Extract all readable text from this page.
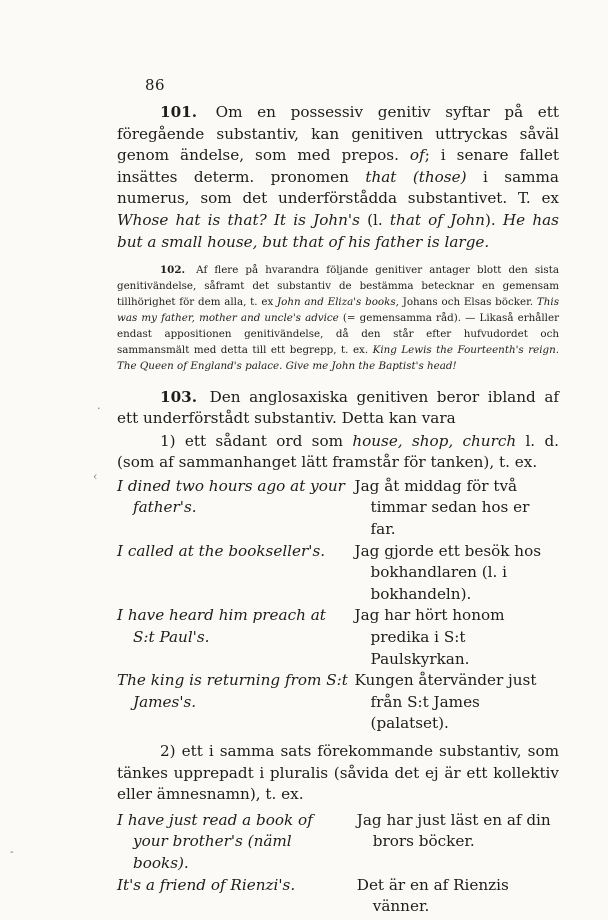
86
·
‹
-

101. Om en possessiv genitiv syftar på ett föregående substantiv, kan genitiven uttryckas såväl genom ändelse, som med prepos. of; i senare fallet insättes determ. pronomen that (those) i samma numerus, som det underförstådda substantivet. T. ex Whose hat is that? It is John's (l. that of John). He has but a small house, but that of his father is large.

102. Af flere på hvarandra följande genitiver antager blott den sista genitivändelse, såframt det substantiv de bestämma betecknar en gemensam tillhörighet för dem alla, t. ex John and Eliza's books, Johans och Elsas böcker. This was my father, mother and uncle's advice (= gemensamma råd). — Likaså erhåller endast appositionen genitivändelse, då den står efter hufvudordet och sammansmält med detta till ett begrepp, t. ex. King Lewis the Fourteenth's reign. The Queen of England's palace. Give me John the Baptist's head!

103. Den anglosaxiska genitiven beror ibland af ett underförstådt substantiv. Detta kan vara

1) ett sådant ord som house, shop, church l. d. (som af sammanhanget lätt framstår för tanken), t. ex.

I dined two hours ago at your father's.	Jag åt middag för två timmar sedan hos er far.
I called at the bookseller's.	Jag gjorde ett besök hos bokhandlaren (l. i bokhandeln).
I have heard him preach at S:t Paul's.	Jag har hört honom predika i S:t Paulskyrkan.
The king is returning from S:t James's.	Kungen återvänder just från S:t James (palatset).

2) ett i samma sats förekommande substantiv, som tänkes upprepadt i pluralis (såvida det ej är ett kollektiv eller ämnesnamn), t. ex.

I have just read a book of your brother's (näml books).	Jag har just läst en af din brors böcker.
It's a friend of Rienzi's.	Det är en af Rienzis vänner.
